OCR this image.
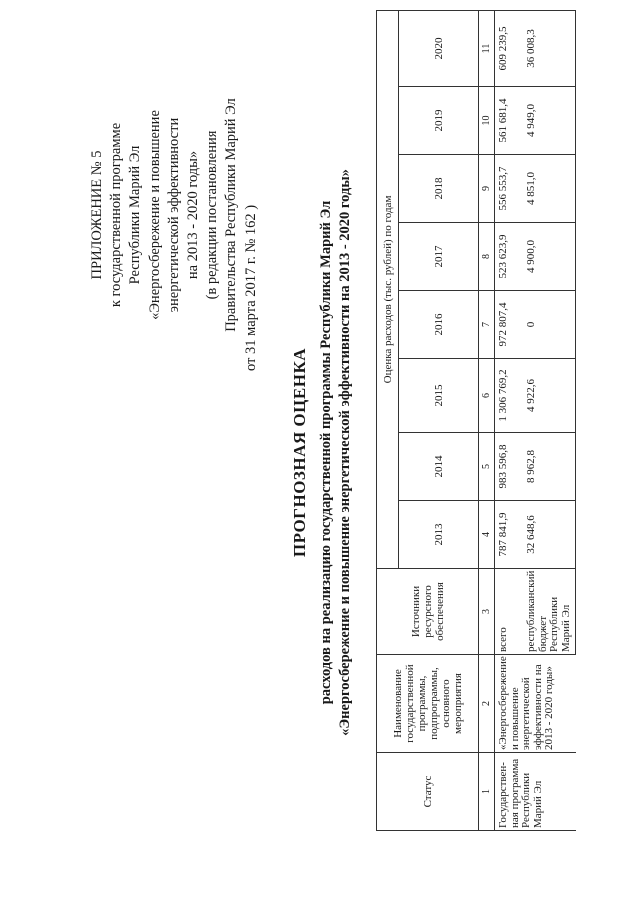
ПРИЛОЖЕНИЕ № 5 к государственной программе Республики Марий Эл «Энергосбережение и повышение энергетической эффективности на 2013 - 2020 годы» (в редакции постановления Правительства Республики Марий Эл от 31 марта 2017 г. № 162 )
ПРОГНОЗНАЯ ОЦЕНКА расходов на реализацию государственной программы Республики Марий Эл «Энергосбережение и повышение энергетической эффективности на 2013 - 2020 годы»
Статус	Наименование государственной программы, подпрограммы, основного мероприятия	Источники ресурсного обеспечения	Оценка расходов (тыс. рублей) по годам							
			2013	2014	2015	2016	2017	2018	2019	2020
1	2	3	4	5	6	7	8	9	10	11
Государствен-ная программа Республики Марий Эл	«Энергосбережение и повышение энергетической эффективности на 2013 - 2020 годы»	всего	787 841,9	983 596,8	1 306 769,2	972 807,4	523 623,9	556 553,7	561 681,4	609 239,5
		республиканский бюджет Республики Марий Эл	32 648,6	8 962,8	4 922,6	0	4 900,0	4 851,0	4 949,0	36 008,3
